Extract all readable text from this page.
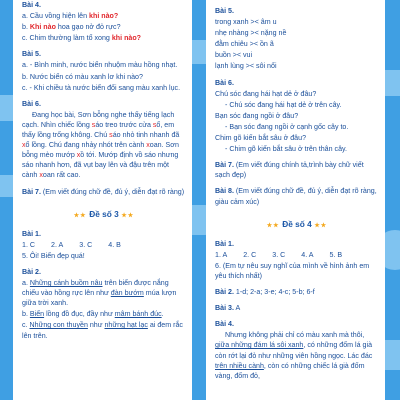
Bài 4.
a. Cầu vồng hiện lên khi nào?
b. Khi nào hoa gạo nở đỏ rực?
c. Chim thường làm tổ xong khi nào?
Bài 5.
a. - Bình minh, nước biển nhuộm màu hồng nhạt.
b. Nước biển có màu xanh lơ khi nào?
c. - Khi chiều tà nước biển đổi sang màu xanh lục.
Bài 6.
Đang học bài, Sơn bỗng nghe thấy tiếng lạch cạch. Nhìn chiếc lồng sáo treo trước cửa sổ, em thấy lồng trống không. Chú sáo nhỏ tinh nhanh đã xổ lồng. Chú đang nhảy nhót trên cành xoan. Sơn bỗng mèo mướp xồ tới. Mướp định vồ sáo nhưng sáo nhanh hơn, đã vụt bay lên và đậu trên một cành xoan rất cao.
Bài 7. (Em viết đúng chữ đề, đủ ý, diễn đạt rõ ràng)
★★ Đề số 3 ★★
Bài 1.
1. C 2. A 3. C 4. B
5. Ôi! Biển đẹp quá!
Bài 2.
a. Những cánh buồm nâu trên biển được nắng chiếu vào hồng rực lên như đàn bướm múa lượn giữa trời xanh.
b. Biển lồng đồ đục, đầy như mâm bánh đúc.
c. Những con thuyền như những hạt lạc ai đem rắc lên trên.
Bài 5.
trong xanh >< âm u
nhẹ nhàng >< nặng nề
đằm chiêu >< ồn ã
buồn >< vui
lạnh lùng >< sôi nổi
Bài 6.
Chú sóc đang hái hạt dẻ ở đâu?
- Chú sóc đang hái hạt dẻ ở trên cây.
Bạn sóc đang ngồi ở đâu?
- Bạn sóc đang ngồi ở cạnh gốc cây to.
Chim gõ kiến bắt sâu ở đâu?
- Chim gõ kiến bắt sâu ở trên thân cây.
Bài 7. (Em viết đúng chính tả,trình bày chữ viết sạch đẹp)
Bài 8. (Em viết đúng chữ đề, đủ ý, diễn đạt rõ ràng, giàu cảm xúc)
★★ Đề số 4 ★★
Bài 1.
1. A 2. C 3. C 4. A 5. B
6. (Em tự nêu suy nghĩ của mình về hình ảnh em yêu thích nhất)
Bài 2. 1-d; 2-a; 3-e; 4-c; 5-b; 6-f
Bài 3. A
Bài 4.
Nhưng không phải chỉ có màu xanh mà thôi, giữa những đám lá sôi xanh, có những đốm lá già còn rớt lại đỏ như những viên hồng ngọc. Lác đác trên nhiều cành, còn có những chiếc lá già đốm vàng, đốm đỏ,
